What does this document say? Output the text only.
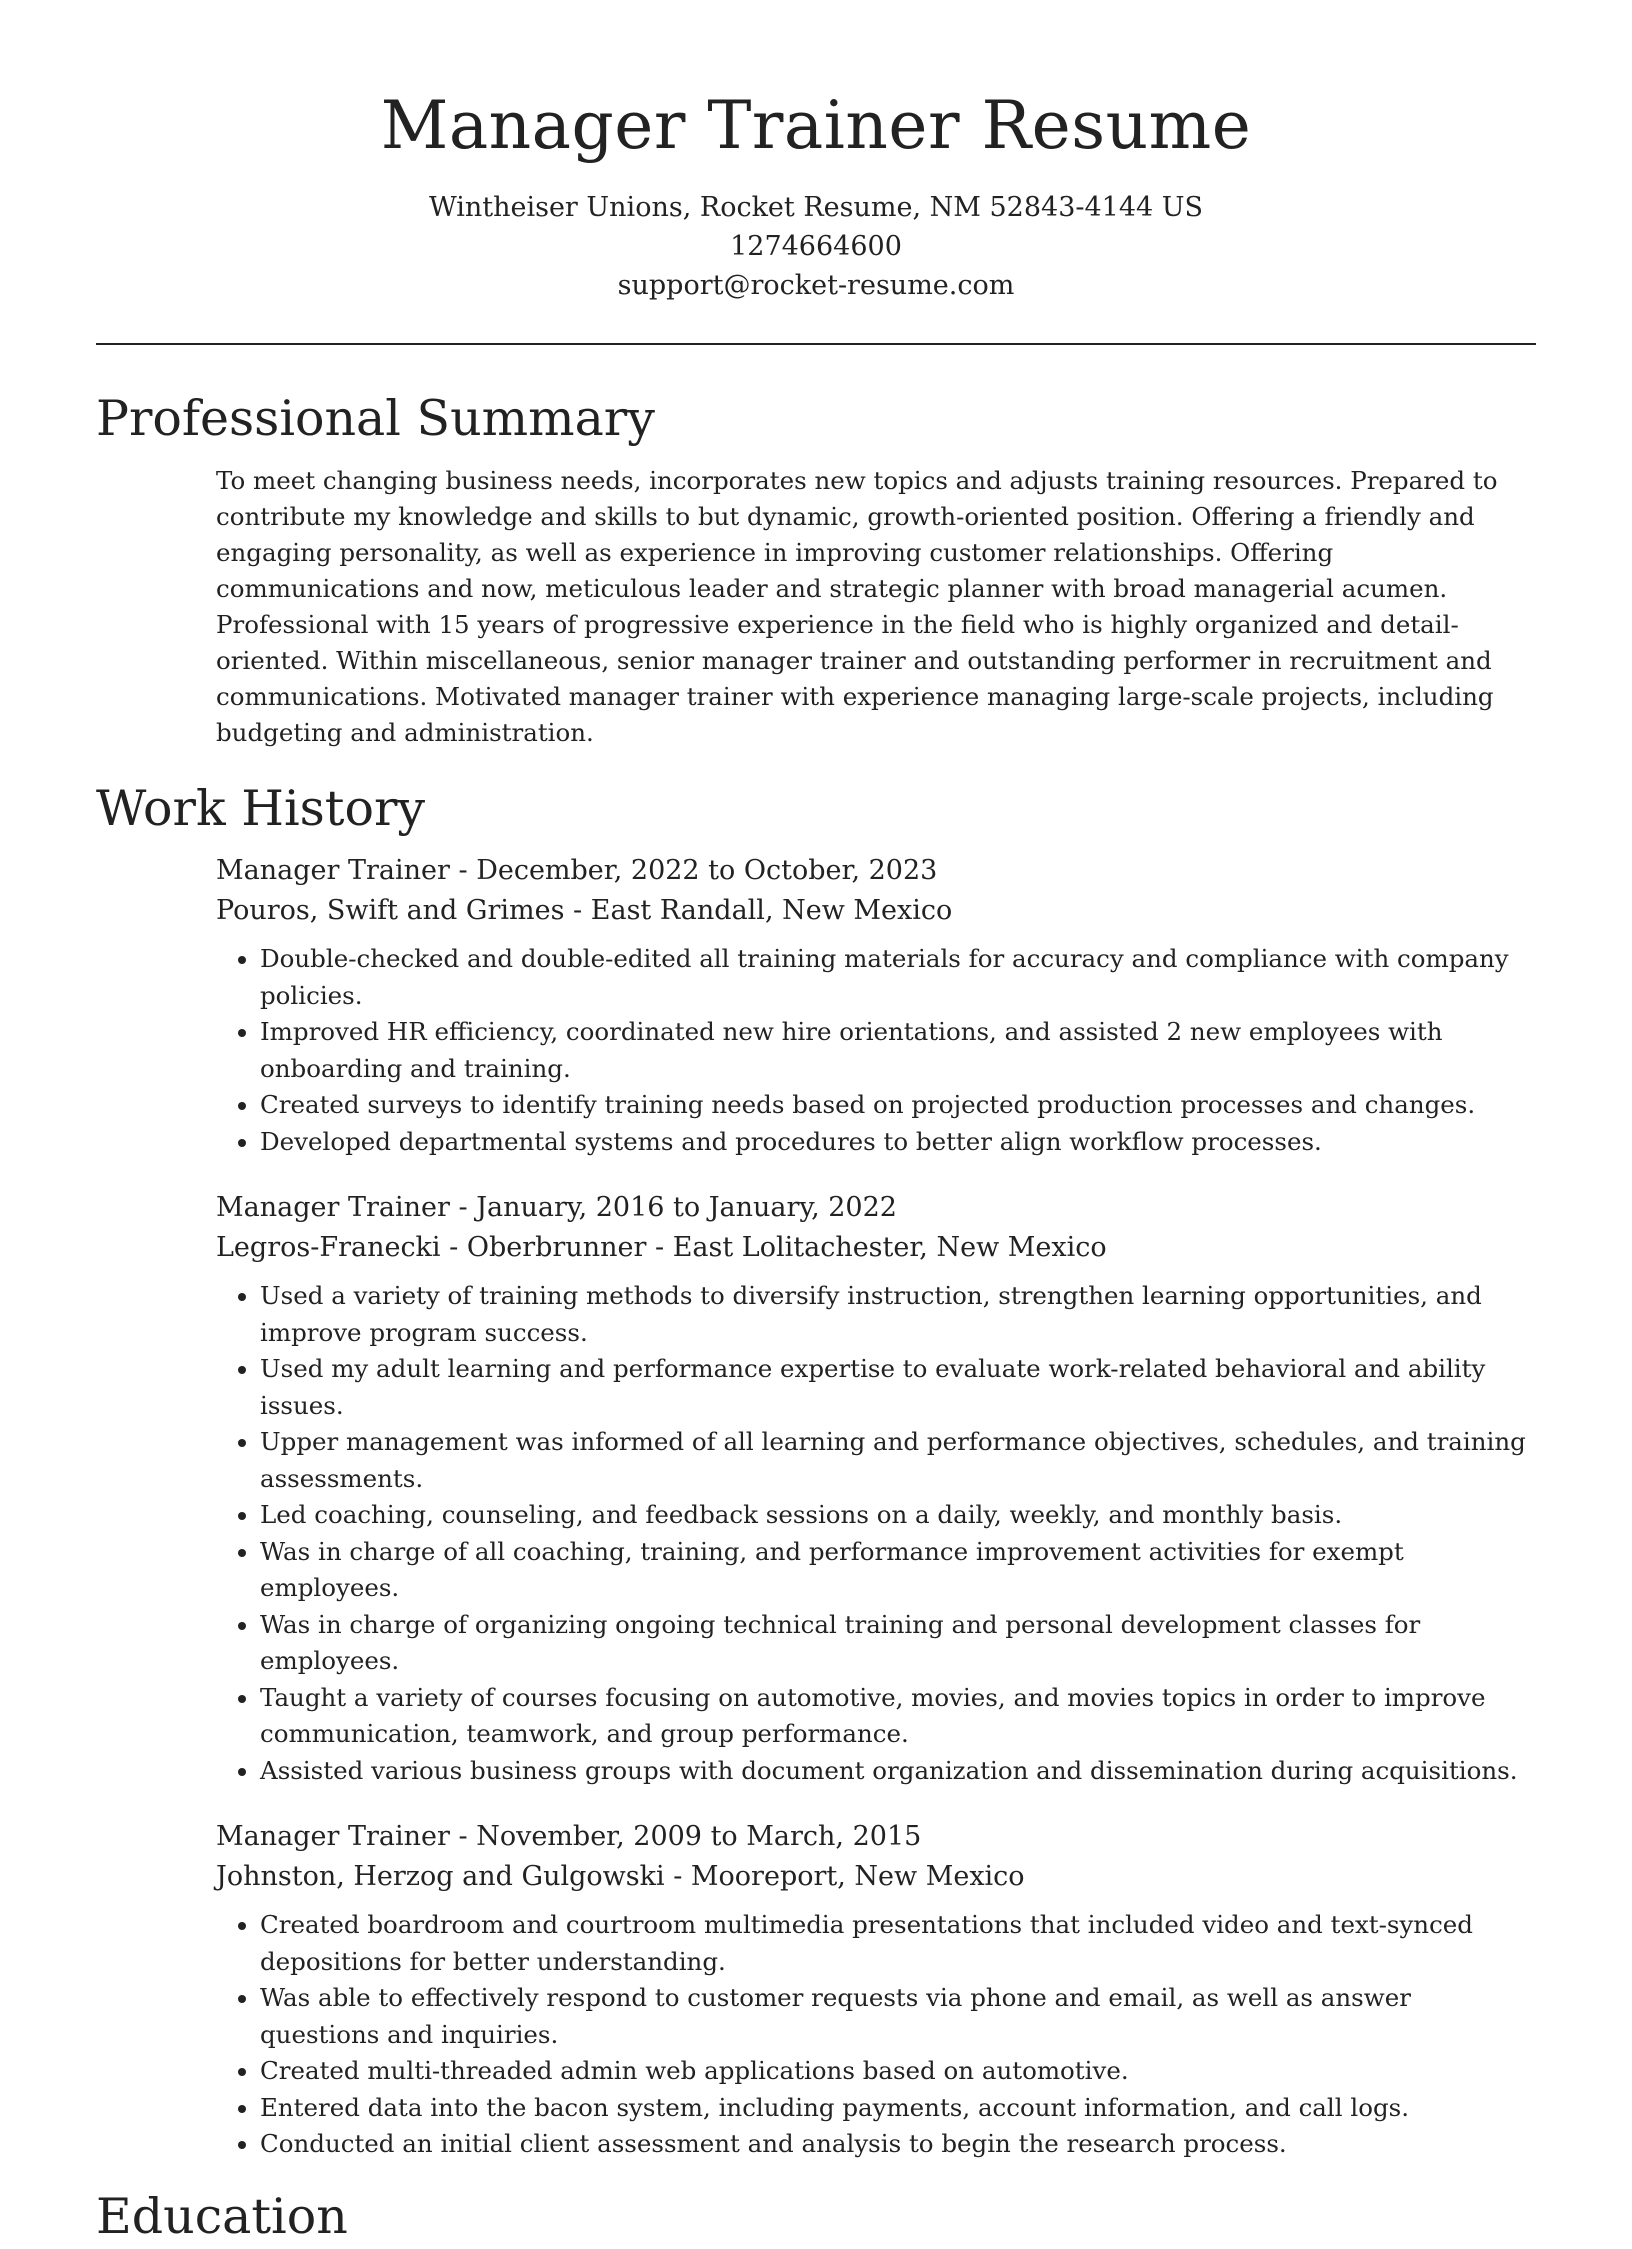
Manager Trainer Resume
Wintheiser Unions, Rocket Resume, NM 52843-4144 US
1274664600
support@rocket-resume.com
Professional Summary

To meet changing business needs, incorporates new topics and adjusts training resources. Prepared to contribute my knowledge and skills to but dynamic, growth-oriented position. Offering a friendly and engaging personality, as well as experience in improving customer relationships. Offering communications and now, meticulous leader and strategic planner with broad managerial acumen. Professional with 15 years of progressive experience in the field who is highly organized and detail-oriented. Within miscellaneous, senior manager trainer and outstanding performer in recruitment and communications. Motivated manager trainer with experience managing large-scale projects, including budgeting and administration.

Work History
Manager Trainer - December, 2022 to October, 2023
Pouros, Swift and Grimes - East Randall, New Mexico
• Double-checked and double-edited all training materials for accuracy and compliance with company policies.
• Improved HR efficiency, coordinated new hire orientations, and assisted 2 new employees with onboarding and training.
• Created surveys to identify training needs based on projected production processes and changes.
• Developed departmental systems and procedures to better align workflow processes.
Manager Trainer - January, 2016 to January, 2022
Legros-Franecki - Oberbrunner - East Lolitachester, New Mexico
• Used a variety of training methods to diversify instruction, strengthen learning opportunities, and improve program success.
• Used my adult learning and performance expertise to evaluate work-related behavioral and ability issues.
• Upper management was informed of all learning and performance objectives, schedules, and training assessments.
• Led coaching, counseling, and feedback sessions on a daily, weekly, and monthly basis.
• Was in charge of all coaching, training, and performance improvement activities for exempt employees.
• Was in charge of organizing ongoing technical training and personal development classes for employees.
• Taught a variety of courses focusing on automotive, movies, and movies topics in order to improve communication, teamwork, and group performance.
• Assisted various business groups with document organization and dissemination during acquisitions.
Manager Trainer - November, 2009 to March, 2015
Johnston, Herzog and Gulgowski - Mooreport, New Mexico
• Created boardroom and courtroom multimedia presentations that included video and text-synced depositions for better understanding.
• Was able to effectively respond to customer requests via phone and email, as well as answer questions and inquiries.
• Created multi-threaded admin web applications based on automotive.
• Entered data into the bacon system, including payments, account information, and call logs.
• Conducted an initial client assessment and analysis to begin the research process.
Education
